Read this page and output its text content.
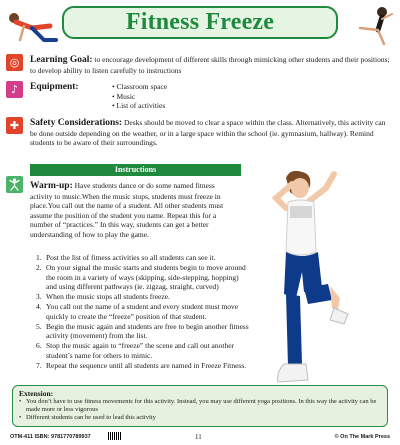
Fitness Freeze
◎	Learning Goal: to encourage development of different skills through mimicking other students and their positions; to develop ability to listen carefully to instructions
♪	Equipment:	• Classroom space
• Music
• List of activities
✚	Safety Considerations: Desks should be moved to clear a space within the class. Alternatively, this activity can be done outside depending on the weather, or in a large space within the school (ie. gymnasium, hallway). Remind students to be aware of their surroundings.
Instructions
Warm-up: Have students dance or do some named fitness activity to music.When the music stops, students must freeze in place.You call out the name of a student. All other students must assume the position of the student you name. Repeat this for a number of “practices.” In this way, students can get a better understanding of how to play the game.
1. Post the list of fitness activities so all students can see it.
2. On your signal the music starts and students begin to move around the room in a variety of ways (skipping, side-stepping, hopping) and using different pathways (ie. zigzag, straight, curved)
3. When the music stops all students freeze.
4. You call out the name of a student and every student must move quickly to create the “freeze” position of that student.
5. Begin the music again and students are free to begin another fitness activity (movement) from the list.
6. Stop the music again to “freeze” the scene and call out another student’s name for others to mimic.
7. Repeat the sequence until all students are named in Freeze Fitness.
Extension:
• You don’t have to use fitness movements for this activity. Instead, you may use different yoga positions. In this way the activity can be made more or less vigorous
• Different students can be used to lead this activity
OTM-411 ISBN: 9781770789937	11	© On The Mark Press
